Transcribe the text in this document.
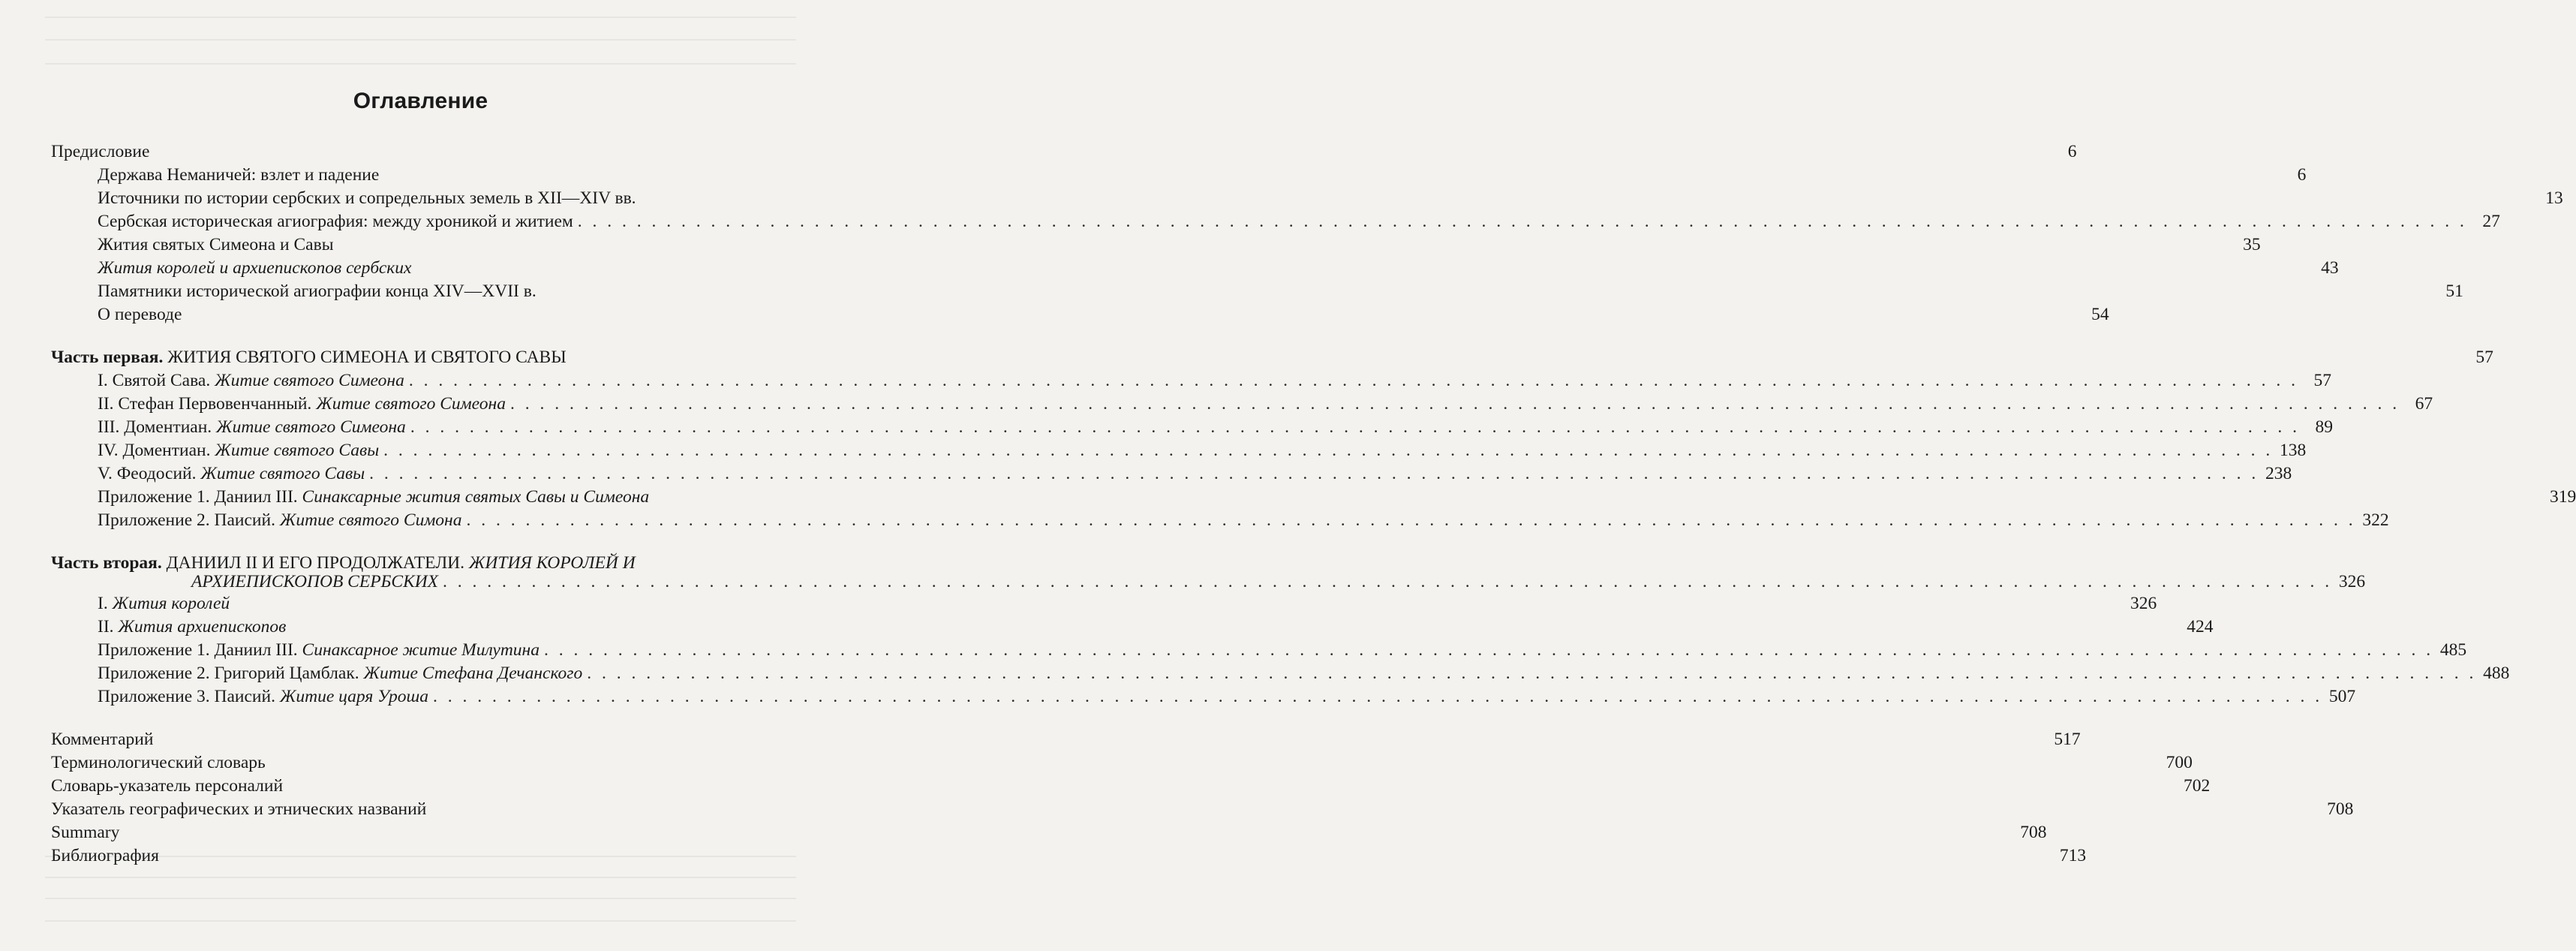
Оглавление
Предисловие	6
Держава Неманичей: взлет и падение	6
Источники по истории сербских и сопредельных земель в XII—XIV вв.	13
Сербская историческая агиография: между хроникой и житием . . .	27
Жития святых Симеона и Савы	35
Жития королей и архиепископов сербских	43
Памятники исторической агиографии конца XIV—XVII в.	51
О переводе	54
Часть первая. ЖИТИЯ СВЯТОГО СИМЕОНА И СВЯТОГО САВЫ	57
I. Святой Сава. Житие святого Симеона . . .	57
II. Стефан Первовенчанный. Житие святого Симеона . . .	67
III. Доментиан. Житие святого Симеона . . .	89
IV. Доментиан. Житие святого Савы . . .	138
V. Феодосий. Житие святого Савы . . .	238
Приложение 1. Даниил III. Синаксарные жития святых Савы и Симеона	319
Приложение 2. Паисий. Житие святого Симона . . .	322
Часть вторая. ДАНИИЛ II И ЕГО ПРОДОЛЖАТЕЛИ. ЖИТИЯ КОРОЛЕЙ И
АРХИЕПИСКОПОВ СЕРБСКИХ . . .	326
I. Жития королей	326
II. Жития архиепископов	424
Приложение 1. Даниил III. Синаксарное житие Милутина . . .	485
Приложение 2. Григорий Цамблак. Житие Стефана Дечанского . . .	488
Приложение 3. Паисий. Житие царя Уроша . . .	507
Комментарий	517
Терминологический словарь	700
Словарь-указатель персоналий	702
Указатель географических и этнических названий	708
Summary	708
Библиография	713
